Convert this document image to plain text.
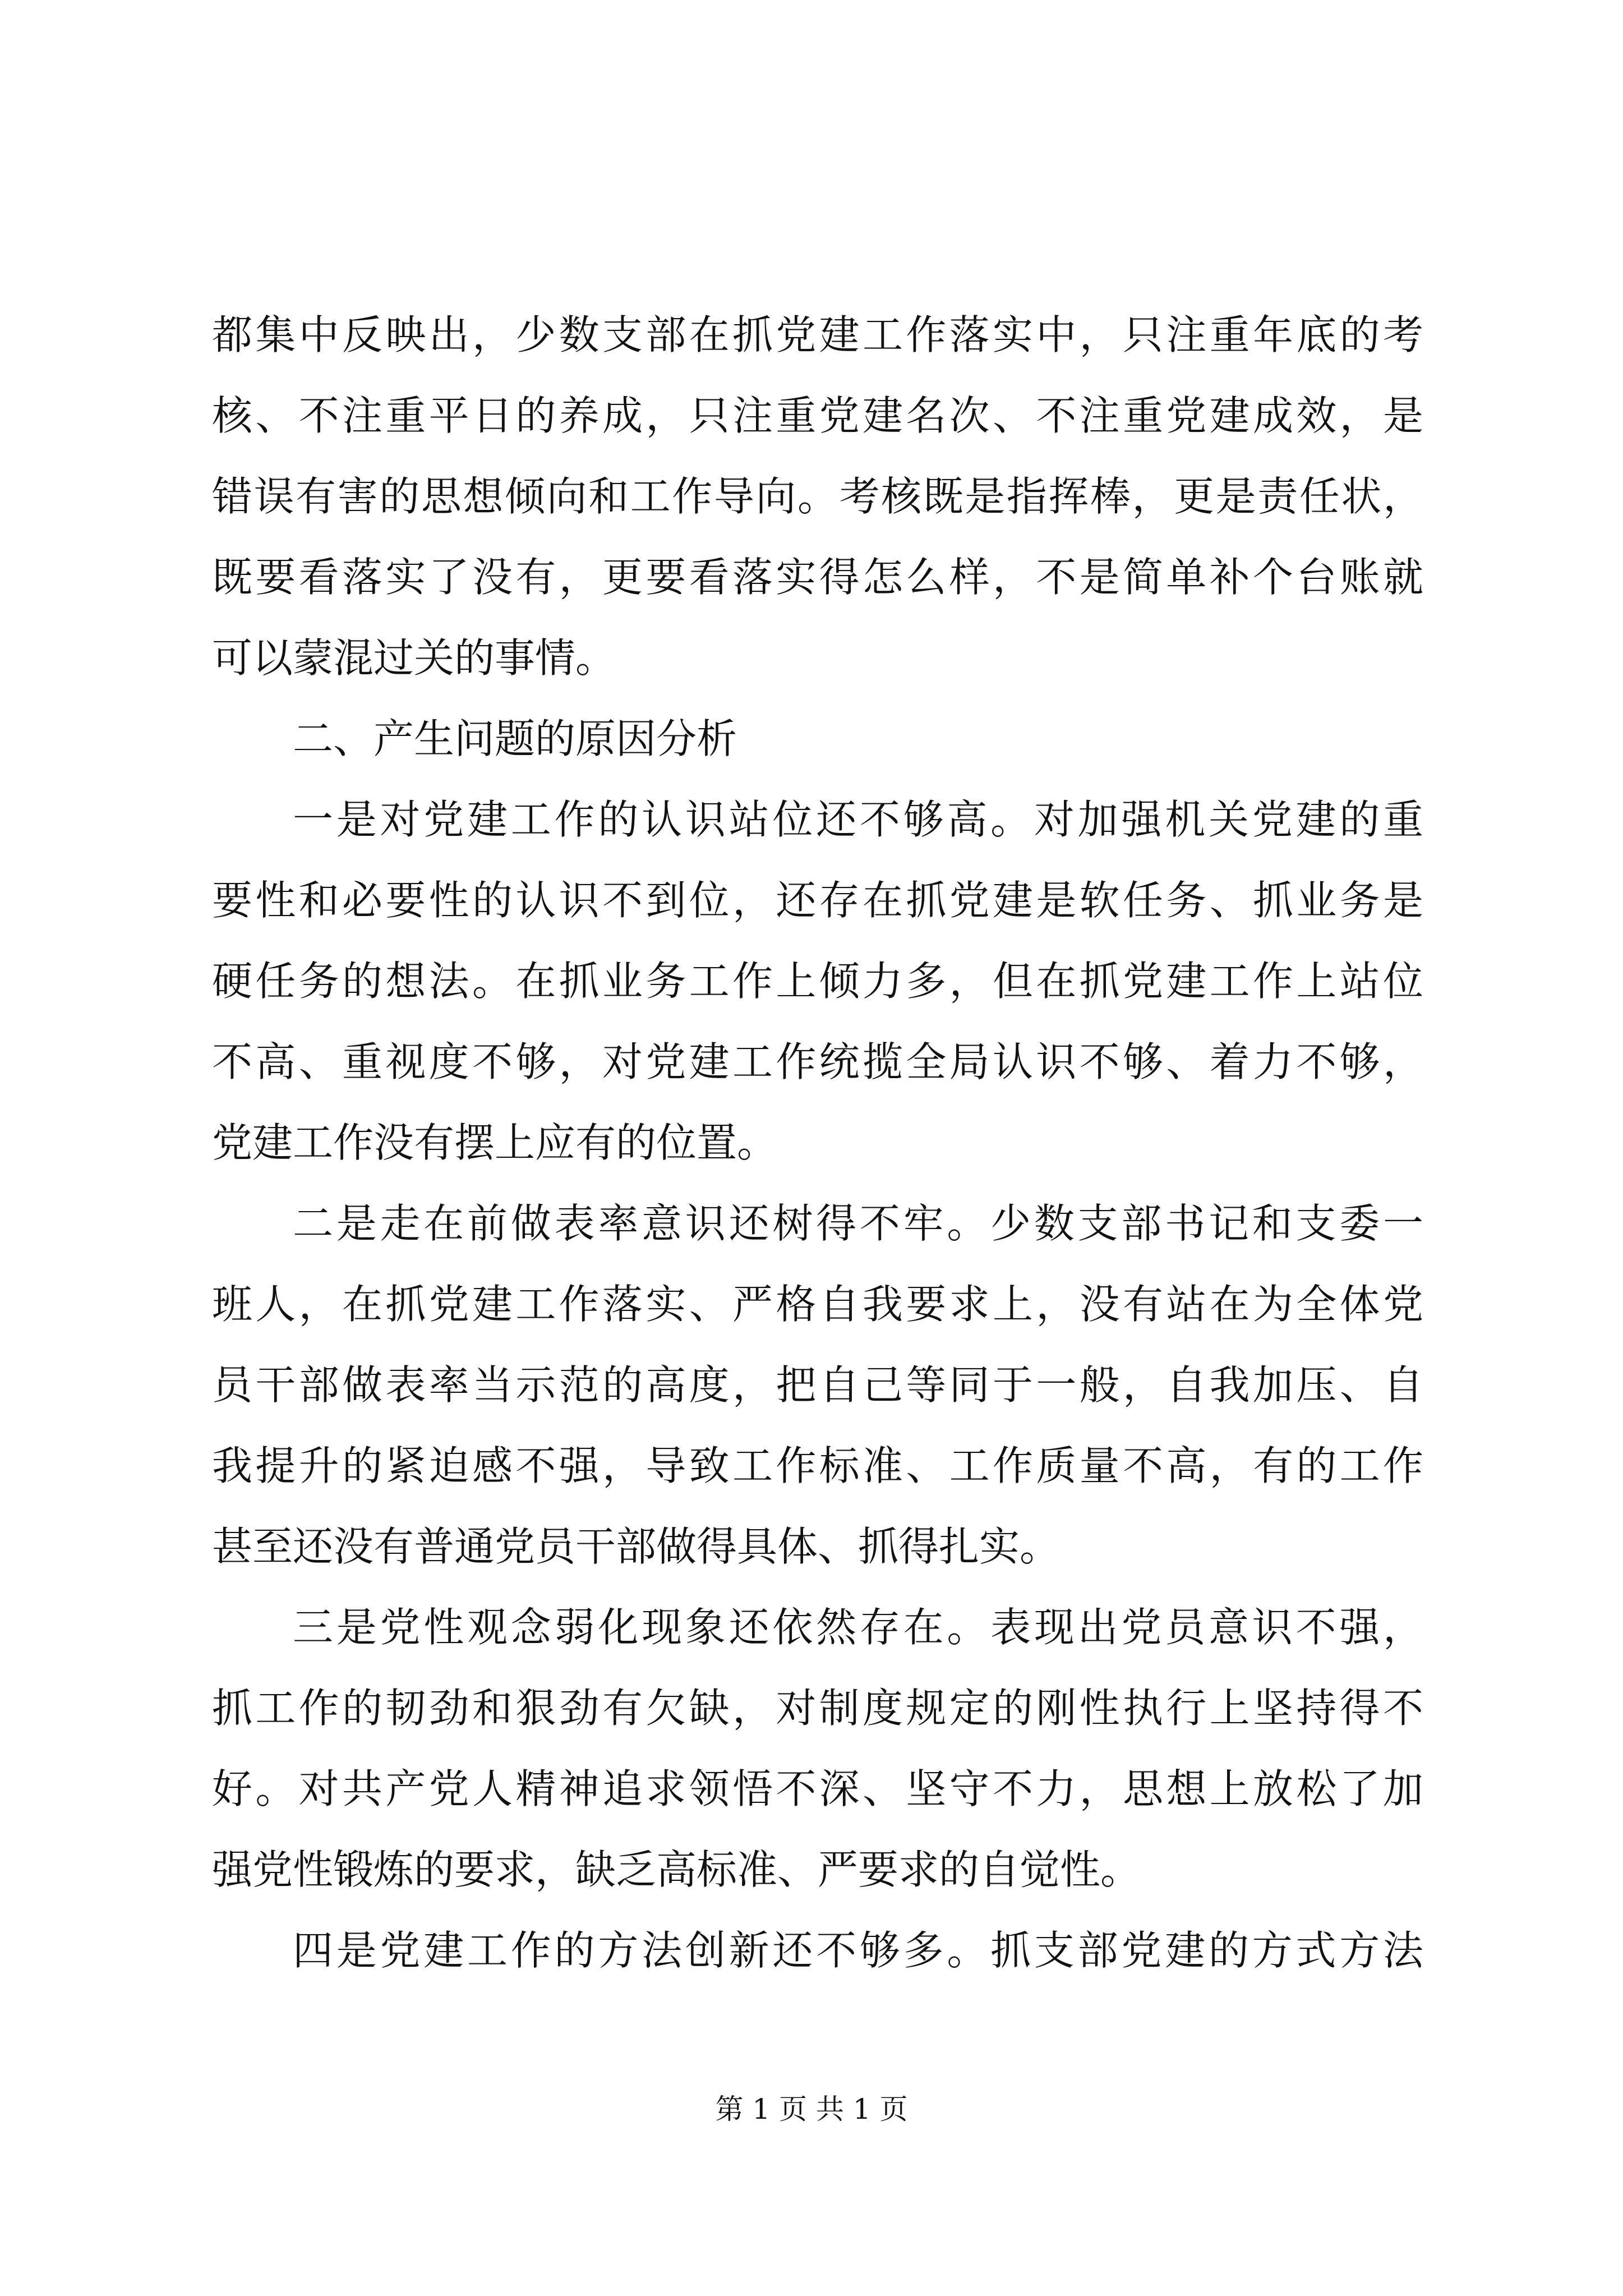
都集中反映出，少数支部在抓党建工作落实中，只注重年底的考
核、不注重平日的养成，只注重党建名次、不注重党建成效，是
错误有害的思想倾向和工作导向。考核既是指挥棒，更是责任状，
既要看落实了没有，更要看落实得怎么样，不是简单补个台账就
可以蒙混过关的事情。
二、产生问题的原因分析
一是对党建工作的认识站位还不够高。对加强机关党建的重
要性和必要性的认识不到位，还存在抓党建是软任务、抓业务是
硬任务的想法。在抓业务工作上倾力多，但在抓党建工作上站位
不高、重视度不够，对党建工作统揽全局认识不够、着力不够，
党建工作没有摆上应有的位置。
二是走在前做表率意识还树得不牢。少数支部书记和支委一
班人，在抓党建工作落实、严格自我要求上，没有站在为全体党
员干部做表率当示范的高度，把自己等同于一般，自我加压、自
我提升的紧迫感不强，导致工作标准、工作质量不高，有的工作
甚至还没有普通党员干部做得具体、抓得扎实。
三是党性观念弱化现象还依然存在。表现出党员意识不强，
抓工作的韧劲和狠劲有欠缺，对制度规定的刚性执行上坚持得不
好。对共产党人精神追求领悟不深、坚守不力，思想上放松了加
强党性锻炼的要求，缺乏高标准、严要求的自觉性。
四是党建工作的方法创新还不够多。抓支部党建的方式方法
第 1 页 共 1 页
